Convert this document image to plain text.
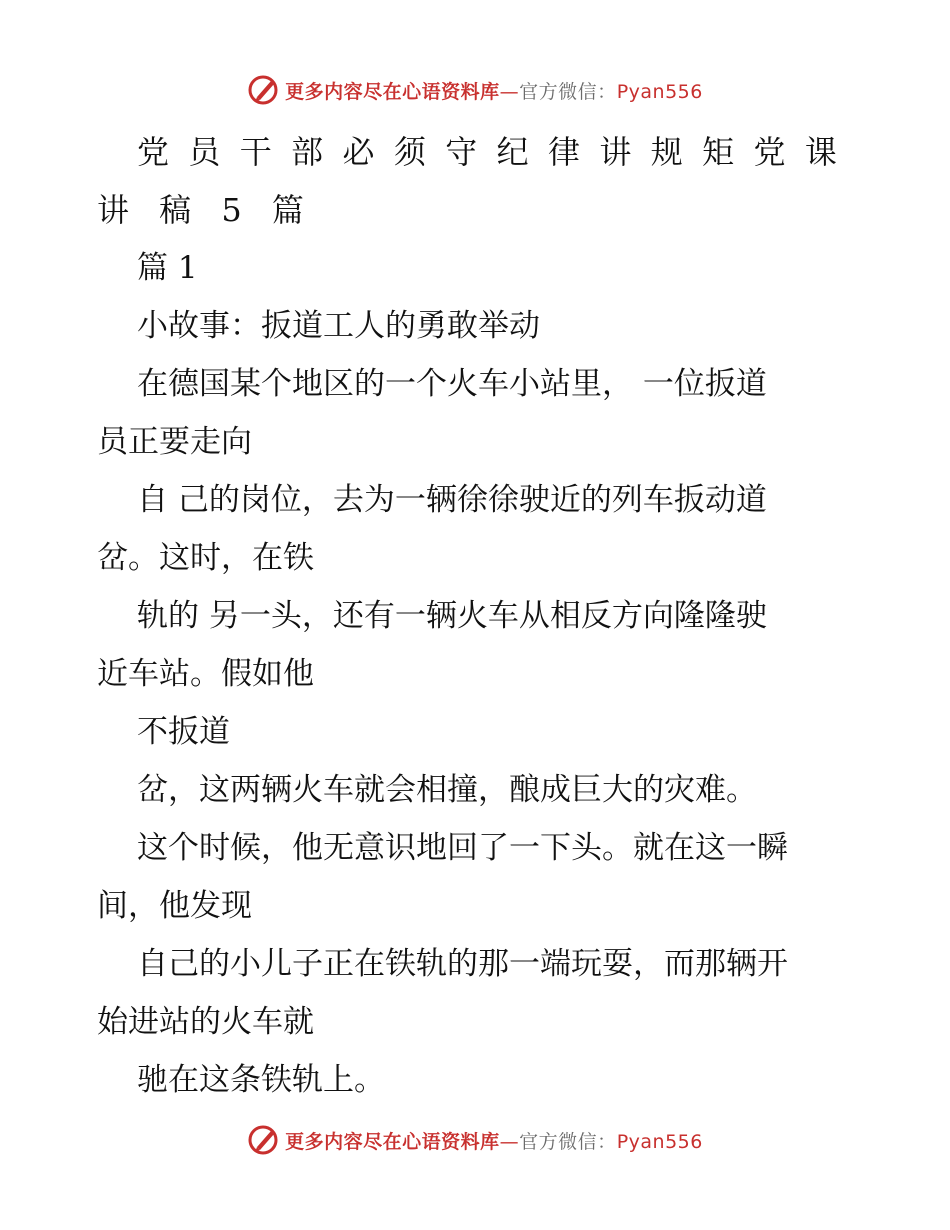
更多内容尽在心语资料库—官方微信：Pyan556
党 员 干 部 必 须 守 纪 律 讲 规 矩 党 课
讲 稿 5 篇
篇 1
小故事：扳道工人的勇敢举动
在德国某个地区的一个火车小站里， 一位扳道
员正要走向
自 己的岗位，去为一辆徐徐驶近的列车扳动道
岔。这时，在铁
轨的 另一头，还有一辆火车从相反方向隆隆驶
近车站。假如他
不扳道
岔，这两辆火车就会相撞，酿成巨大的灾难。
这个时候，他无意识地回了一下头。就在这一瞬
间，他发现
自己的小儿子正在铁轨的那一端玩耍，而那辆开
始进站的火车就
驰在这条铁轨上。
更多内容尽在心语资料库—官方微信：Pyan556
